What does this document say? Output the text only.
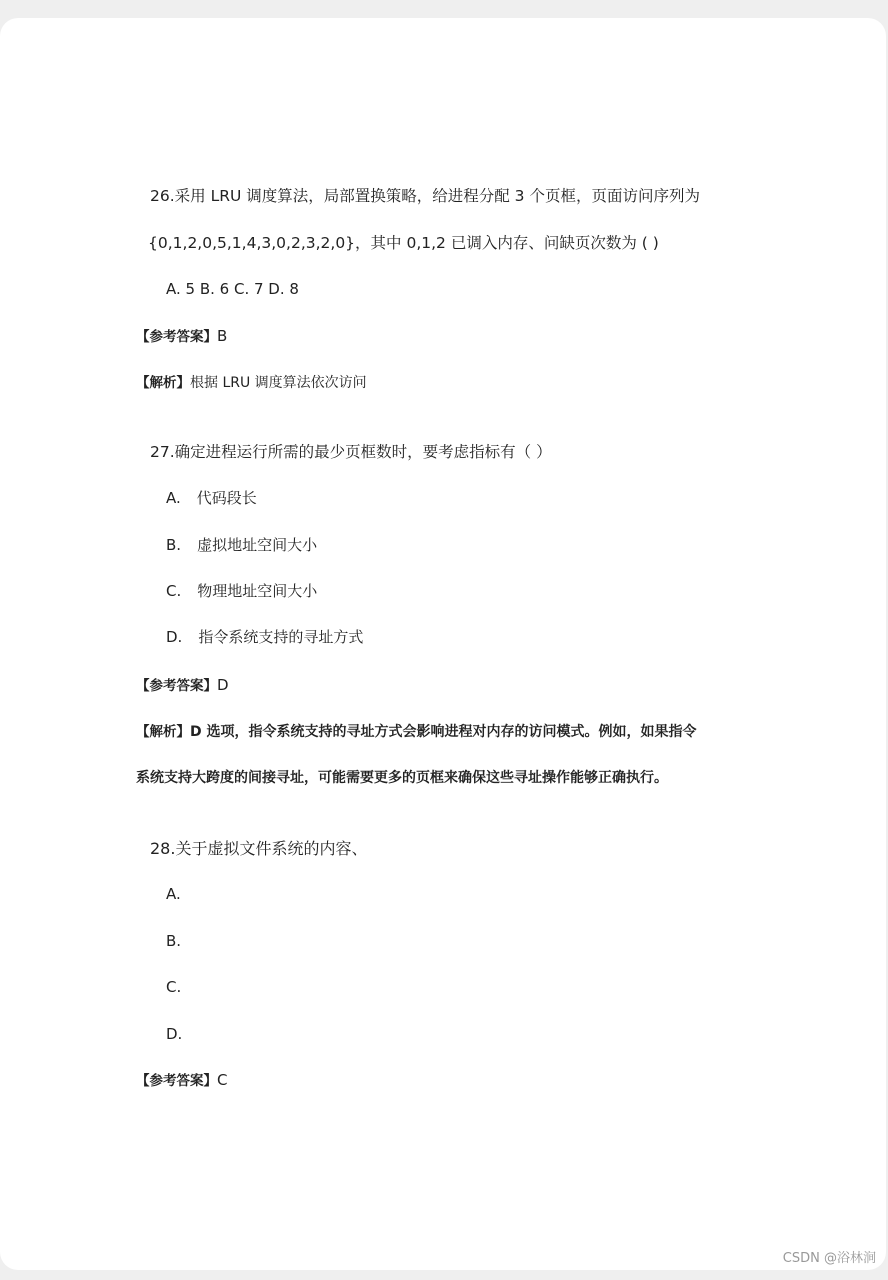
26.采用 LRU 调度算法，局部置换策略，给进程分配 3 个页框，页面访问序列为
{0,1,2,0,5,1,4,3,0,2,3,2,0}，其中 0,1,2 已调入内存、问缺页次数为 ( )
A. 5 B. 6 C. 7 D. 8
【参考答案】B
【解析】根据 LRU 调度算法依次访问
27.确定进程运行所需的最少页框数时，要考虑指标有（ ）
A. 代码段长
B. 虚拟地址空间大小
C. 物理地址空间大小
D. 指令系统支持的寻址方式
【参考答案】D
【解析】D 选项，指令系统支持的寻址方式会影响进程对内存的访问模式。例如，如果指令
系统支持大跨度的间接寻址，可能需要更多的页框来确保这些寻址操作能够正确执行。
28.关于虚拟文件系统的内容、
A.
B.
C.
D.
【参考答案】C
CSDN @浴林涧
